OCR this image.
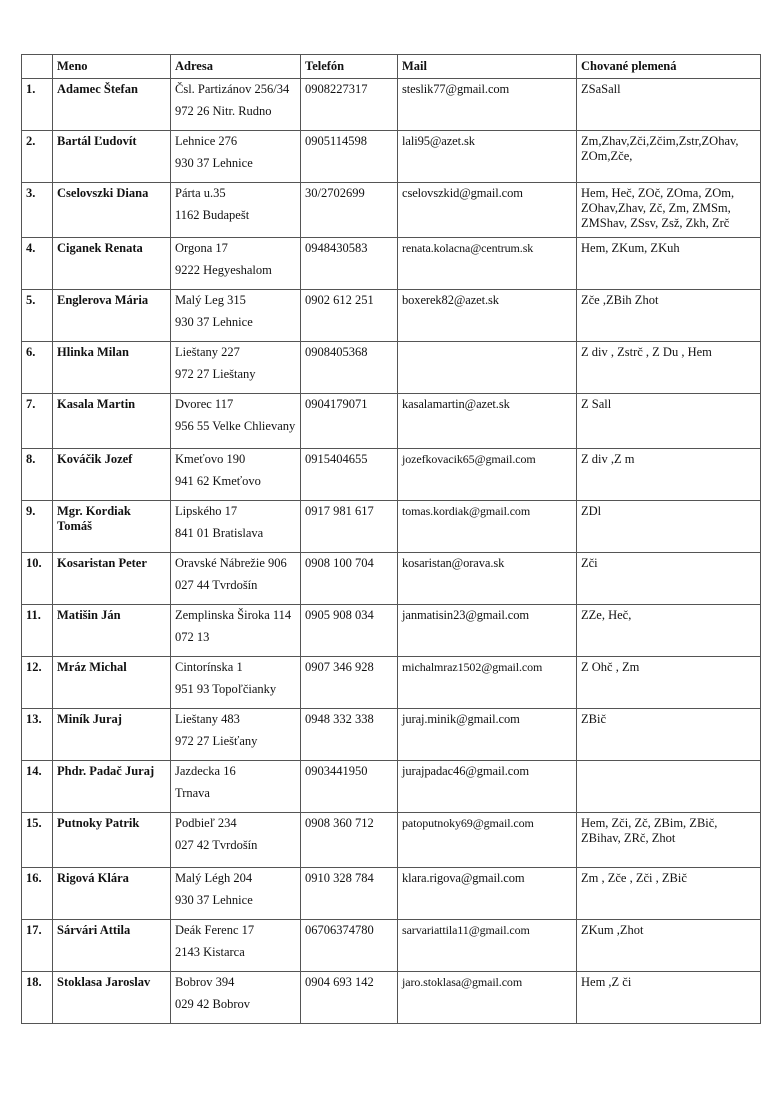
	Meno	Adresa	Telefón	Mail	Chované plemená
1.	Adamec Štefan	Čsl. Partizánov 256/34
972 26 Nitr. Rudno	0908227317	steslik77@gmail.com	ZSaSall
2.	Bartál Ľudovít	Lehnice 276
930 37 Lehnice	0905114598	lali95@azet.sk	Zm,Zhav,Zči,Zčim,Zstr,ZOhav, ZOm,Zče,
3.	Cselovszki Diana	Párta u.35
1162 Budapešt	30/2702699	cselovszkid@gmail.com	Hem, Heč, ZOč, ZOma, ZOm, ZOhav,Zhav, Zč, Zm, ZMSm, ZMShav, ZSsv, Zsž, Zkh, Zrč
4.	Ciganek Renata	Orgona 17
9222 Hegyeshalom	0948430583	renata.kolacna@centrum.sk	Hem, ZKum, ZKuh
5.	Englerova Mária	Malý Leg 315
930 37 Lehnice	0902 612 251	boxerek82@azet.sk	Zče ,ZBih Zhot
6.	Hlinka Milan	Lieštany 227
972 27 Lieštany	0908405368		Z div , Zstrč , Z Du , Hem
7.	Kasala Martin	Dvorec 117
956 55 Velke Chlievany	0904179071	kasalamartin@azet.sk	Z Sall
8.	Kováčik Jozef	Kmeťovo 190
941 62 Kmeťovo	0915404655	jozefkovacik65@gmail.com	Z div ,Z m
9.	Mgr. Kordiak Tomáš	Lipského 17
841 01 Bratislava	0917 981 617	tomas.kordiak@gmail.com	ZDl
10.	Kosaristan Peter	Oravské Nábrežie 906
027 44 Tvrdošín	0908 100 704	kosaristan@orava.sk	Zči
11.	Matišin Ján	Zemplinska Široka 114
072 13	0905 908 034	janmatisin23@gmail.com	ZZe, Heč,
12.	Mráz Michal	Cintorínska 1
951 93 Topoľčianky	0907 346 928	michalmraz1502@gmail.com	Z Ohč , Zm
13.	Miník Juraj	Lieštany 483
972 27 Liešťany	0948 332 338	juraj.minik@gmail.com	ZBič
14.	Phdr. Padač Juraj	Jazdecka 16
Trnava	0903441950	jurajpadac46@gmail.com	
15.	Putnoky Patrik	Podbieľ 234
027 42 Tvrdošín	0908 360 712	patoputnoky69@gmail.com	Hem, Zči, Zč, ZBim, ZBič, ZBihav, ZRč, Zhot
16.	Rigová Klára	Malý Légh 204
930 37 Lehnice	0910 328 784	klara.rigova@gmail.com	Zm , Zče , Zči , ZBič
17.	Sárvári Attila	Deák Ferenc 17
2143 Kistarca	06706374780	sarvariattila11@gmail.com	ZKum ,Zhot
18.	Stoklasa Jaroslav	Bobrov 394
029 42 Bobrov	0904 693 142	jaro.stoklasa@gmail.com	Hem ,Z či
